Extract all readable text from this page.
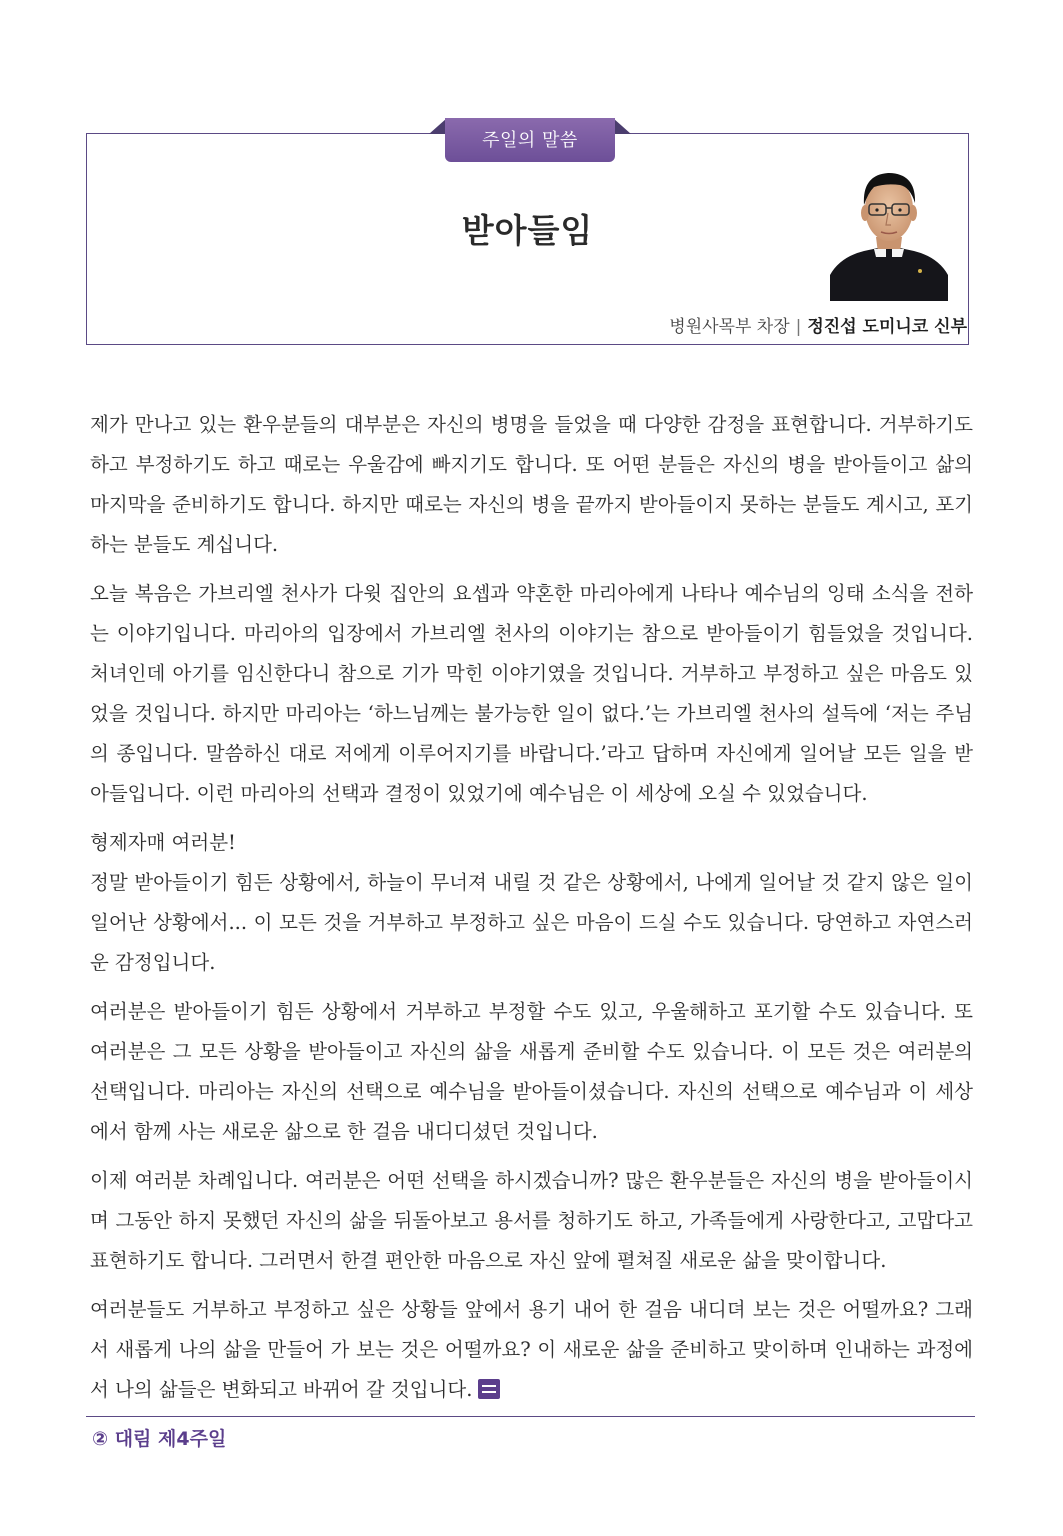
주일의 말씀
받아들임
병원사목부 차장 | 정진섭 도미니코 신부

제가 만나고 있는 환우분들의 대부분은 자신의 병명을 들었을 때 다양한 감정을 표현합니다. 거부하기도 하고 부정하기도 하고 때로는 우울감에 빠지기도 합니다. 또 어떤 분들은 자신의 병을 받아들이고 삶의 마지막을 준비하기도 합니다. 하지만 때로는 자신의 병을 끝까지 받아들이지 못하는 분들도 계시고, 포기하는 분들도 계십니다.

오늘 복음은 가브리엘 천사가 다윗 집안의 요셉과 약혼한 마리아에게 나타나 예수님의 잉태 소식을 전하는 이야기입니다. 마리아의 입장에서 가브리엘 천사의 이야기는 참으로 받아들이기 힘들었을 것입니다. 처녀인데 아기를 임신한다니 참으로 기가 막힌 이야기였을 것입니다. 거부하고 부정하고 싶은 마음도 있었을 것입니다. 하지만 마리아는 ‘하느님께는 불가능한 일이 없다.’는 가브리엘 천사의 설득에 ‘저는 주님의 종입니다. 말씀하신 대로 저에게 이루어지기를 바랍니다.’라고 답하며 자신에게 일어날 모든 일을 받아들입니다. 이런 마리아의 선택과 결정이 있었기에 예수님은 이 세상에 오실 수 있었습니다.

형제자매 여러분!

정말 받아들이기 힘든 상황에서, 하늘이 무너져 내릴 것 같은 상황에서, 나에게 일어날 것 같지 않은 일이 일어난 상황에서... 이 모든 것을 거부하고 부정하고 싶은 마음이 드실 수도 있습니다. 당연하고 자연스러운 감정입니다.

여러분은 받아들이기 힘든 상황에서 거부하고 부정할 수도 있고, 우울해하고 포기할 수도 있습니다. 또 여러분은 그 모든 상황을 받아들이고 자신의 삶을 새롭게 준비할 수도 있습니다. 이 모든 것은 여러분의 선택입니다. 마리아는 자신의 선택으로 예수님을 받아들이셨습니다. 자신의 선택으로 예수님과 이 세상에서 함께 사는 새로운 삶으로 한 걸음 내디디셨던 것입니다.

이제 여러분 차례입니다. 여러분은 어떤 선택을 하시겠습니까? 많은 환우분들은 자신의 병을 받아들이시며 그동안 하지 못했던 자신의 삶을 뒤돌아보고 용서를 청하기도 하고, 가족들에게 사랑한다고, 고맙다고 표현하기도 합니다. 그러면서 한결 편안한 마음으로 자신 앞에 펼쳐질 새로운 삶을 맞이합니다.

여러분들도 거부하고 부정하고 싶은 상황들 앞에서 용기 내어 한 걸음 내디뎌 보는 것은 어떨까요? 그래서 새롭게 나의 삶을 만들어 가 보는 것은 어떨까요? 이 새로운 삶을 준비하고 맞이하며 인내하는 과정에서 나의 삶들은 변화되고 바뀌어 갈 것입니다.

② 대림 제4주일
